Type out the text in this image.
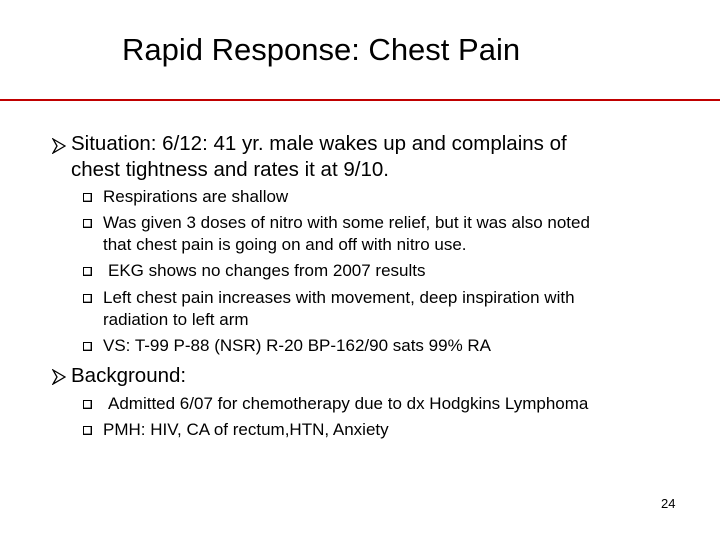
Rapid Response: Chest Pain
Situation: 6/12: 41 yr. male wakes up and complains of
chest tightness and rates it at 9/10.
Respirations are shallow
Was given 3 doses of nitro with some relief, but it was also noted
that chest pain is going on and off with nitro use.
EKG shows no changes from 2007 results
Left chest pain increases with movement, deep inspiration with
radiation to left arm
VS: T-99 P-88 (NSR) R-20 BP-162/90 sats 99% RA
Background:
Admitted 6/07 for chemotherapy due to dx Hodgkins Lymphoma
PMH: HIV, CA of rectum,HTN, Anxiety
24
